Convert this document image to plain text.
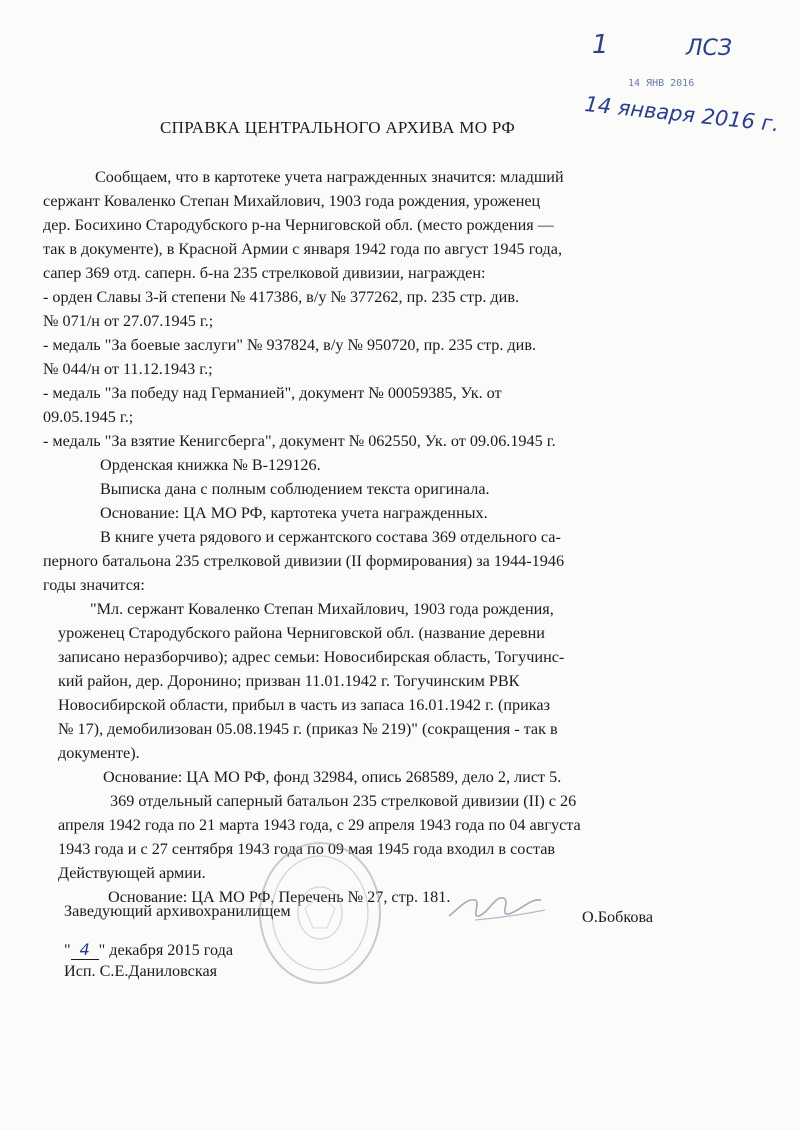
1	ЛСЗ
14 ЯНВ 2016
14 января 2016 г.
СПРАВКА ЦЕНТРАЛЬНОГО АРХИВА МО РФ
Сообщаем, что в картотеке учета награжденных значится: младший
сержант Коваленко Степан Михайлович, 1903 года рождения, уроженец
дер. Босихино Стародубского р-на Черниговской обл. (место рождения —
так в документе), в Красной Армии с января 1942 года по август 1945 года,
сапер 369 отд. саперн. б-на 235 стрелковой дивизии, награжден:
- орден Славы 3-й степени № 417386, в/у № 377262, пр. 235 стр. див.
№ 071/н от 27.07.1945 г.;
- медаль "За боевые заслуги" № 937824, в/у № 950720, пр. 235 стр. див.
№ 044/н от 11.12.1943 г.;
- медаль "За победу над Германией", документ № 00059385, Ук. от
09.05.1945 г.;
- медаль "За взятие Кенигсберга", документ № 062550, Ук. от 09.06.1945 г.
Орденская книжка № В-129126.
Выписка дана с полным соблюдением текста оригинала.
Основание: ЦА МО РФ, картотека учета награжденных.
В книге учета рядового и сержантского состава 369 отдельного са-
перного батальона 235 стрелковой дивизии (II формирования) за 1944-1946
годы значится:
"Мл. сержант Коваленко Степан Михайлович, 1903 года рождения,
уроженец Стародубского района Черниговской обл. (название деревни
записано неразборчиво); адрес семьи: Новосибирская область, Тогучинс-
кий район, дер. Доронино; призван 11.01.1942 г. Тогучинским РВК
Новосибирской области, прибыл в часть из запаса 16.01.1942 г. (приказ
№ 17), демобилизован 05.08.1945 г. (приказ № 219)" (сокращения - так в
документе).
Основание: ЦА МО РФ, фонд 32984, опись 268589, дело 2, лист 5.
369 отдельный саперный батальон 235 стрелковой дивизии (II) с 26
апреля 1942 года по 21 марта 1943 года, с 29 апреля 1943 года по 04 августа
1943 года и с 27 сентября 1943 года по 09 мая 1945 года входил в состав
Действующей армии.
Основание: ЦА МО РФ, Перечень № 27, стр. 181.
Заведующий архивохранилищем	О.Бобкова
" 4 " декабря 2015 года
Исп. С.Е.Даниловская
